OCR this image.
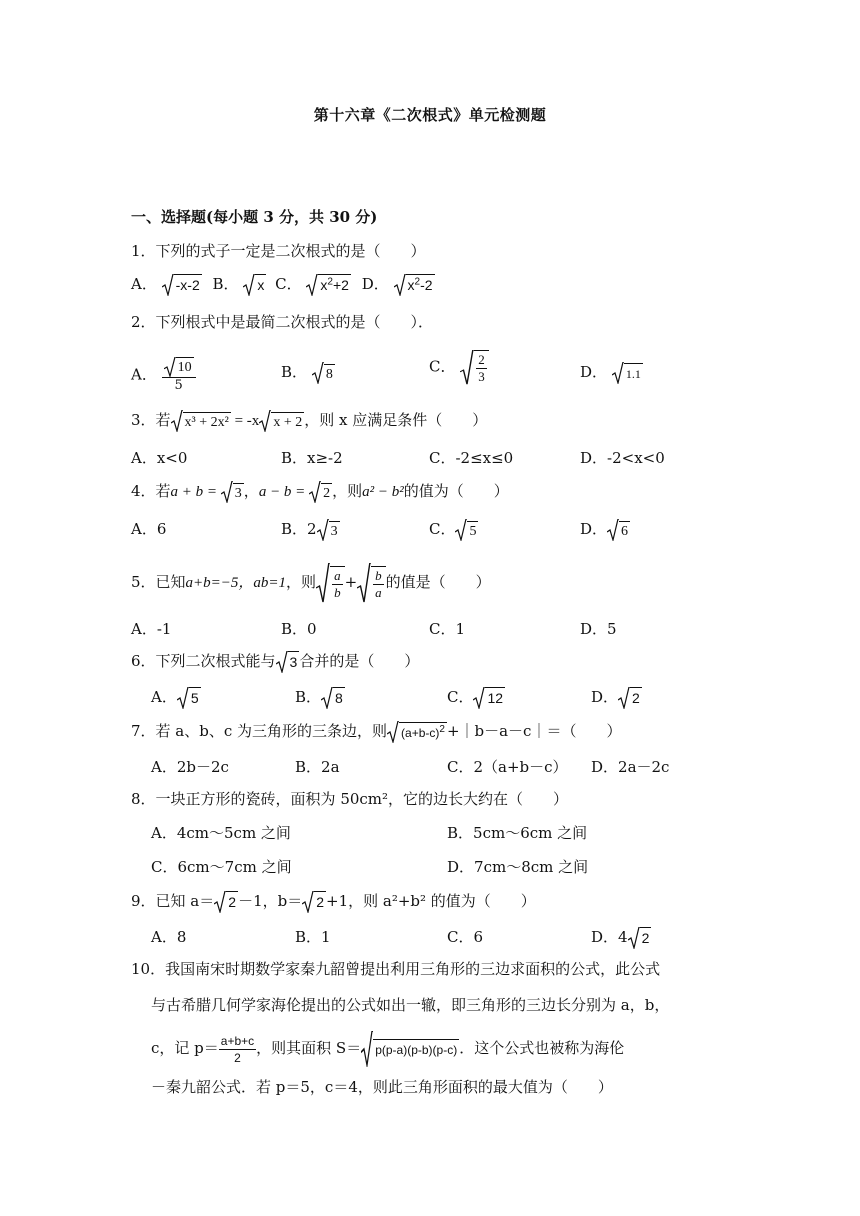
第十六章《二次根式》单元检测题
一、选择题(每小题 3 分，共 30 分)
1．下列的式子一定是二次根式的是（　　）
A． -x-2 B． x C． $x^2+2$ D． $x^2-2$
2．下列根式中是最简二次根式的是（　　）．
A． $\frac{10}{5}$	B． 8	C． $\frac{2}{3}$	D． 1.1
3．若 x³ + 2x² = -x x + 2 ，则 x 应满足条件（　　）
A．x<0	B．x≥-2	C．-2≤x≤0	D．-2<x<0
4．若a + b =
3 ，a − b =
2 ，则a² − b²的值为（　　）
A．6	B．2 3	C． 5	D． 6
5．已知a+b=−5，ab=1，则 $\frac{a}{b} + \frac{b}{a}$ 的值是（　　）
A．-1	B．0	C．1	D．5
6．下列二次根式能与 3 合并的是（　　）
A． 5	B． 8	C． 12	D． 2
7．若 a、b、c 为三角形的三条边，则 $(a+b-c)^2$ +｜b－a－c｜＝（　　）
A．2b－2c	B．2a	C．2（a+b－c） D．2a－2c
8．一块正方形的瓷砖，面积为 50cm²，它的边长大约在（　　）
A．4cm～5cm 之间	B．5cm～6cm 之间
C．6cm～7cm 之间	D．7cm～8cm 之间
9．已知 a＝ 2 －1，b＝ 2 +1，则 a²+b² 的值为（　　）
A．8	B．1	C．6	D．4 2
10．我国南宋时期数学家秦九韶曾提出利用三角形的三边求面积的公式，此公式
与古希腊几何学家海伦提出的公式如出一辙，即三角形的三边长分别为 a，b，
c，记 $p= \frac{a+b+c}{2}$ ，则其面积 S＝ p(p-a)(p-b)(p-c) ．这个公式也被称为海伦
－秦九韶公式．若 p＝5，c＝4，则此三角形面积的最大值为（　　）
